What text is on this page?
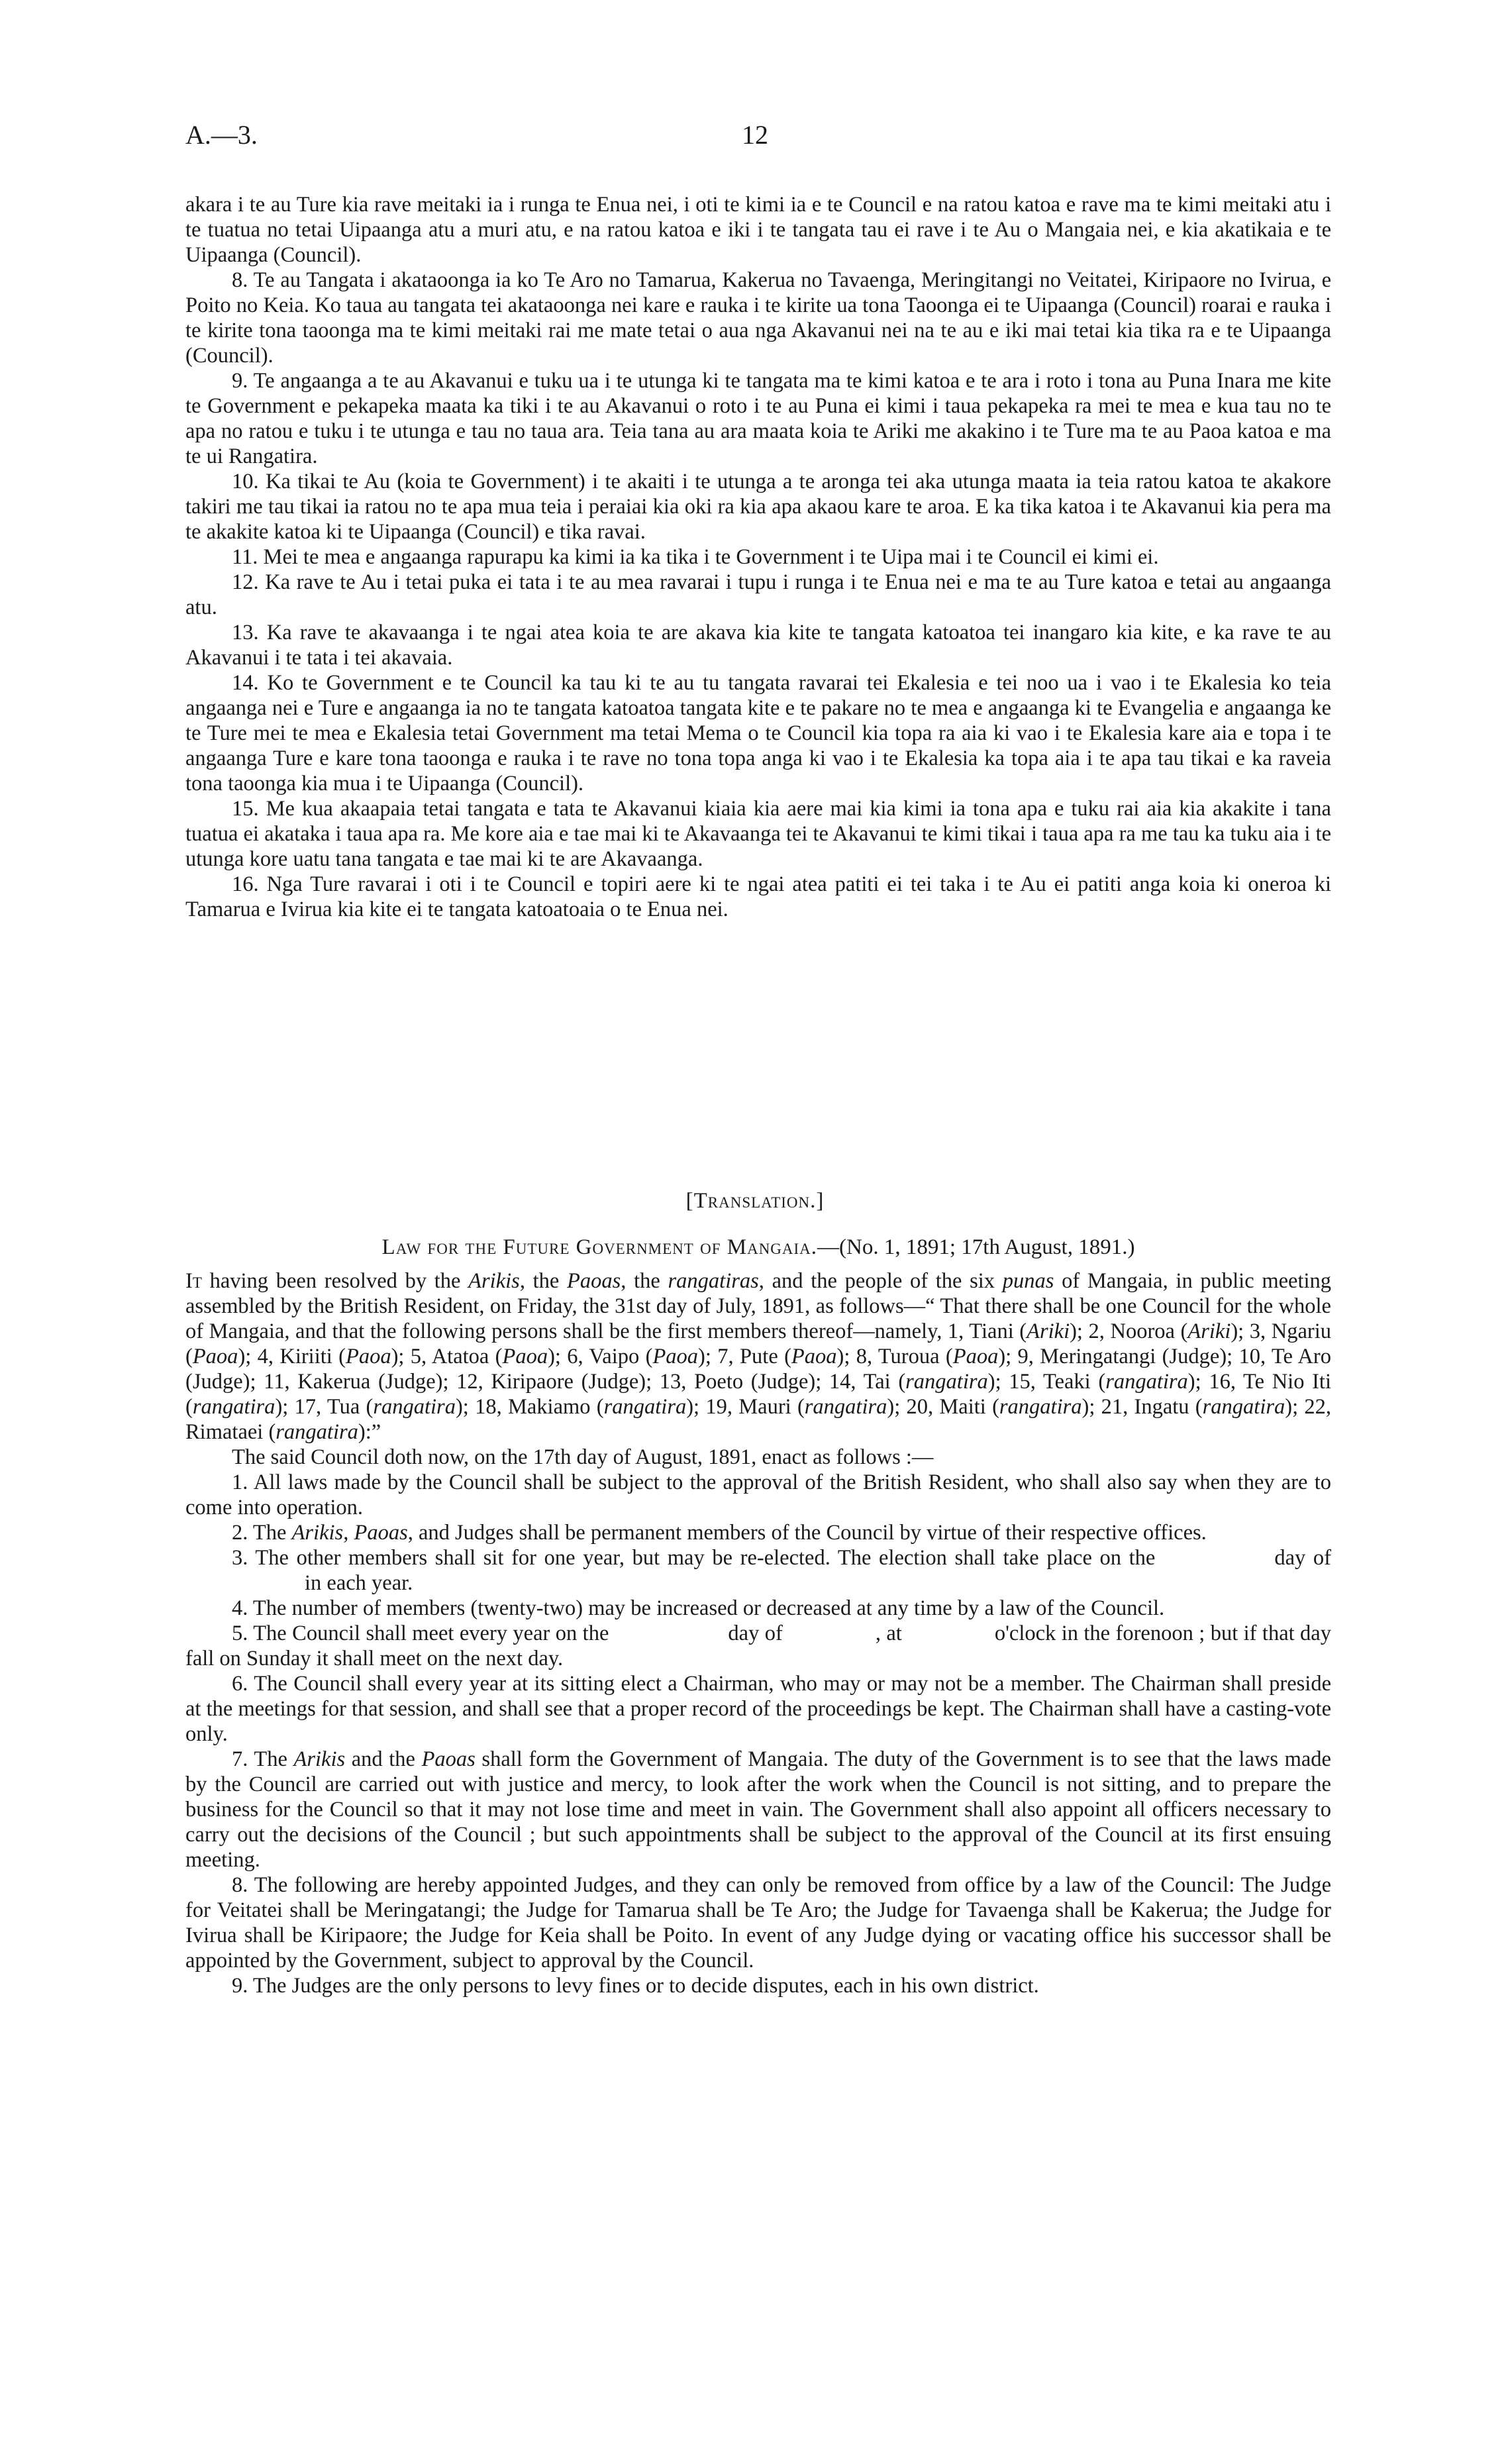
A.—3.	12

akara i te au Ture kia rave meitaki ia i runga te Enua nei, i oti te kimi ia e te Council e na ratou katoa e rave ma te kimi meitaki atu i te tuatua no tetai Uipaanga atu a muri atu, e na ratou katoa e iki i te tangata tau ei rave i te Au o Mangaia nei, e kia akatikaia e te Uipaanga (Council).

8. Te au Tangata i akataoonga ia ko Te Aro no Tamarua, Kakerua no Tavaenga, Meringitangi no Veitatei, Kiripaore no Ivirua, e Poito no Keia. Ko taua au tangata tei akataoonga nei kare e rauka i te kirite ua tona Taoonga ei te Uipaanga (Council) roarai e rauka i te kirite tona taoonga ma te kimi meitaki rai me mate tetai o aua nga Akavanui nei na te au e iki mai tetai kia tika ra e te Uipaanga (Council).

9. Te angaanga a te au Akavanui e tuku ua i te utunga ki te tangata ma te kimi katoa e te ara i roto i tona au Puna Inara me kite te Government e pekapeka maata ka tiki i te au Akavanui o roto i te au Puna ei kimi i taua pekapeka ra mei te mea e kua tau no te apa no ratou e tuku i te utunga e tau no taua ara. Teia tana au ara maata koia te Ariki me akakino i te Ture ma te au Paoa katoa e ma te ui Rangatira.

10. Ka tikai te Au (koia te Government) i te akaiti i te utunga a te aronga tei aka utunga maata ia teia ratou katoa te akakore takiri me tau tikai ia ratou no te apa mua teia i peraiai kia oki ra kia apa akaou kare te aroa. E ka tika katoa i te Akavanui kia pera ma te akakite katoa ki te Uipaanga (Council) e tika ravai.

11. Mei te mea e angaanga rapurapu ka kimi ia ka tika i te Government i te Uipa mai i te Council ei kimi ei.

12. Ka rave te Au i tetai puka ei tata i te au mea ravarai i tupu i runga i te Enua nei e ma te au Ture katoa e tetai au angaanga atu.

13. Ka rave te akavaanga i te ngai atea koia te are akava kia kite te tangata katoatoa tei inangaro kia kite, e ka rave te au Akavanui i te tata i tei akavaia.

14. Ko te Government e te Council ka tau ki te au tu tangata ravarai tei Ekalesia e tei noo ua i vao i te Ekalesia ko teia angaanga nei e Ture e angaanga ia no te tangata katoatoa tangata kite e te pakare no te mea e angaanga ki te Evangelia e angaanga ke te Ture mei te mea e Ekalesia tetai Government ma tetai Mema o te Council kia topa ra aia ki vao i te Ekalesia kare aia e topa i te angaanga Ture e kare tona taoonga e rauka i te rave no tona topa anga ki vao i te Ekalesia ka topa aia i te apa tau tikai e ka raveia tona taoonga kia mua i te Uipaanga (Council).

15. Me kua akaapaia tetai tangata e tata te Akavanui kiaia kia aere mai kia kimi ia tona apa e tuku rai aia kia akakite i tana tuatua ei akataka i taua apa ra. Me kore aia e tae mai ki te Akavaanga tei te Akavanui te kimi tikai i taua apa ra me tau ka tuku aia i te utunga kore uatu tana tangata e tae mai ki te are Akavaanga.

16. Nga Ture ravarai i oti i te Council e topiri aere ki te ngai atea patiti ei tei taka i te Au ei patiti anga koia ki oneroa ki Tamarua e Ivirua kia kite ei te tangata katoatoaia o te Enua nei.

[Translation.]
Law for the Future Government of Mangaia.—(No. 1, 1891; 17th August, 1891.)

It having been resolved by the Arikis, the Paoas, the rangatiras, and the people of the six punas of Mangaia, in public meeting assembled by the British Resident, on Friday, the 31st day of July, 1891, as follows—“ That there shall be one Council for the whole of Mangaia, and that the following persons shall be the first members thereof—namely, 1, Tiani (Ariki); 2, Nooroa (Ariki); 3, Ngariu (Paoa); 4, Kiriiti (Paoa); 5, Atatoa (Paoa); 6, Vaipo (Paoa); 7, Pute (Paoa); 8, Turoua (Paoa); 9, Meringatangi (Judge); 10, Te Aro (Judge); 11, Kakerua (Judge); 12, Kiripaore (Judge); 13, Poeto (Judge); 14, Tai (rangatira); 15, Teaki (rangatira); 16, Te Nio Iti (rangatira); 17, Tua (rangatira); 18, Makiamo (rangatira); 19, Mauri (rangatira); 20, Maiti (rangatira); 21, Ingatu (rangatira); 22, Rimataei (rangatira):”

The said Council doth now, on the 17th day of August, 1891, enact as follows :—

1. All laws made by the Council shall be subject to the approval of the British Resident, who shall also say when they are to come into operation.

2. The Arikis, Paoas, and Judges shall be permanent members of the Council by virtue of their respective offices.

3. The other members shall sit for one year, but may be re-elected. The election shall take place on the	day ofin each year.

4. The number of members (twenty-two) may be increased or decreased at any time by a law of the Council.

5. The Council shall meet every year on the	day of	, at	o'clock in the forenoon ; but if that day fall on Sunday it shall meet on the next day.

6. The Council shall every year at its sitting elect a Chairman, who may or may not be a member. The Chairman shall preside at the meetings for that session, and shall see that a proper record of the proceedings be kept. The Chairman shall have a casting-vote only.

7. The Arikis and the Paoas shall form the Government of Mangaia. The duty of the Government is to see that the laws made by the Council are carried out with justice and mercy, to look after the work when the Council is not sitting, and to prepare the business for the Council so that it may not lose time and meet in vain. The Government shall also appoint all officers necessary to carry out the decisions of the Council ; but such appointments shall be subject to the approval of the Council at its first ensuing meeting.

8. The following are hereby appointed Judges, and they can only be removed from office by a law of the Council: The Judge for Veitatei shall be Meringatangi; the Judge for Tamarua shall be Te Aro; the Judge for Tavaenga shall be Kakerua; the Judge for Ivirua shall be Kiripaore; the Judge for Keia shall be Poito. In event of any Judge dying or vacating office his successor shall be appointed by the Government, subject to approval by the Council.

9. The Judges are the only persons to levy fines or to decide disputes, each in his own district.
